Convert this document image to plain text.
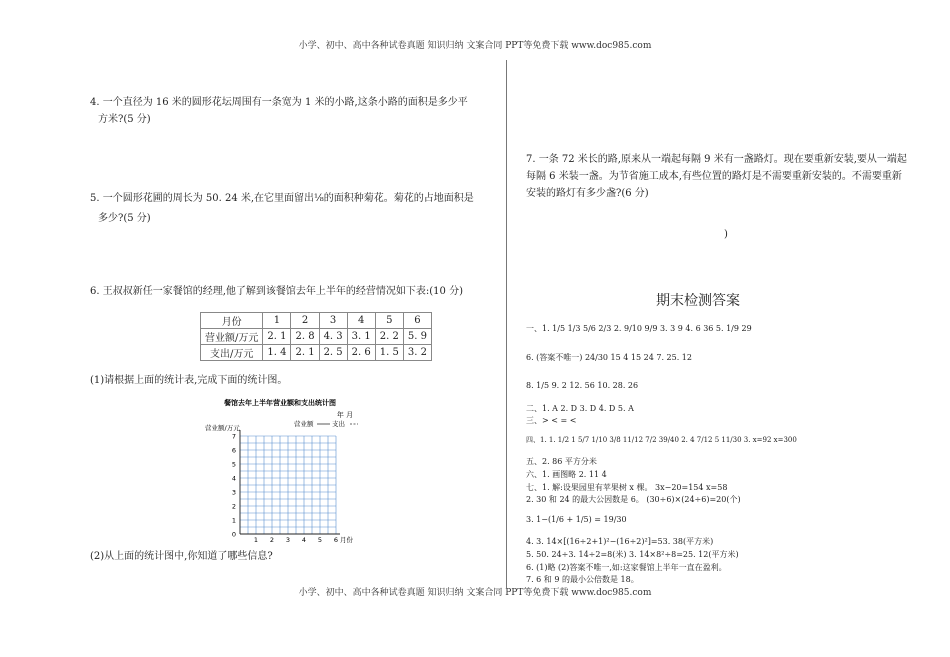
小学、初中、高中各种试卷真题 知识归纳 文案合同 PPT等免费下载 www.doc985.com
小学、初中、高中各种试卷真题 知识归纳 文案合同 PPT等免费下载 www.doc985.com
4. 一个直径为 16 米的圆形花坛周围有一条宽为 1 米的小路,这条小路的面积是多少平
方米?(5 分)
5. 一个圆形花圃的周长为 50. 24 米,在它里面留出¹⁄₈的面积种菊花。菊花的占地面积是
多少?(5 分)
6. 王叔叔新任一家餐馆的经理,他了解到该餐馆去年上半年的经营情况如下表:(10 分)
月份	1	2	3	4	5	6
营业额/万元	2. 1	2. 8	4. 3	3. 1	2. 2	5. 9
支出/万元	1. 4	2. 1	2. 5	2. 6	1. 5	3. 2
(1)请根据上面的统计表,完成下面的统计图。
餐馆去年上半年营业额和支出统计图
年 月
营业额/万元	营业额	支出
0
1
2
3
4
5
6
7
1 2 3 4 5 6 月份
(2)从上面的统计图中,你知道了哪些信息?
7. 一条 72 米长的路,原来从一端起每隔 9 米有一盏路灯。现在要重新安装,要从一端起
每隔 6 米装一盏。为节省施工成本,有些位置的路灯是不需要重新安装的。不需要重新
安装的路灯有多少盏?(6 分)
)
期末检测答案
一、1. 1/5 1/3 5/6 2/3 2. 9/10 9/9 3. 3 9 4. 6 36 5. 1/9 29
6. (答案不唯一) 24/30 15 4 15 24 7. 25. 12
8. 1/5 9. 2 12. 56 10. 28. 26
二、1. A 2. D 3. D 4. D 5. A
三、> < = <
四、1. 1. 1/2 1 5/7 1/10 3/8 11/12 7/2 39/40 2. 4 7/12 5 11/30 3. x=92 x=300
五、2. 86 平方分米
六、1. 画图略 2. 11 4
七、1. 解:设果园里有苹果树 x 棵。 3x−20=154 x=58
2. 30 和 24 的最大公因数是 6。 (30÷6)×(24÷6)=20(个)
3. 1−(1/6 + 1/5) = 19/30
4. 3. 14×[(16÷2+1)²−(16÷2)²]=53. 38(平方米)
5. 50. 24÷3. 14÷2=8(米) 3. 14×8²÷8=25. 12(平方米)
6. (1)略 (2)答案不唯一,如:这家餐馆上半年一直在盈利。
7. 6 和 9 的最小公倍数是 18。
